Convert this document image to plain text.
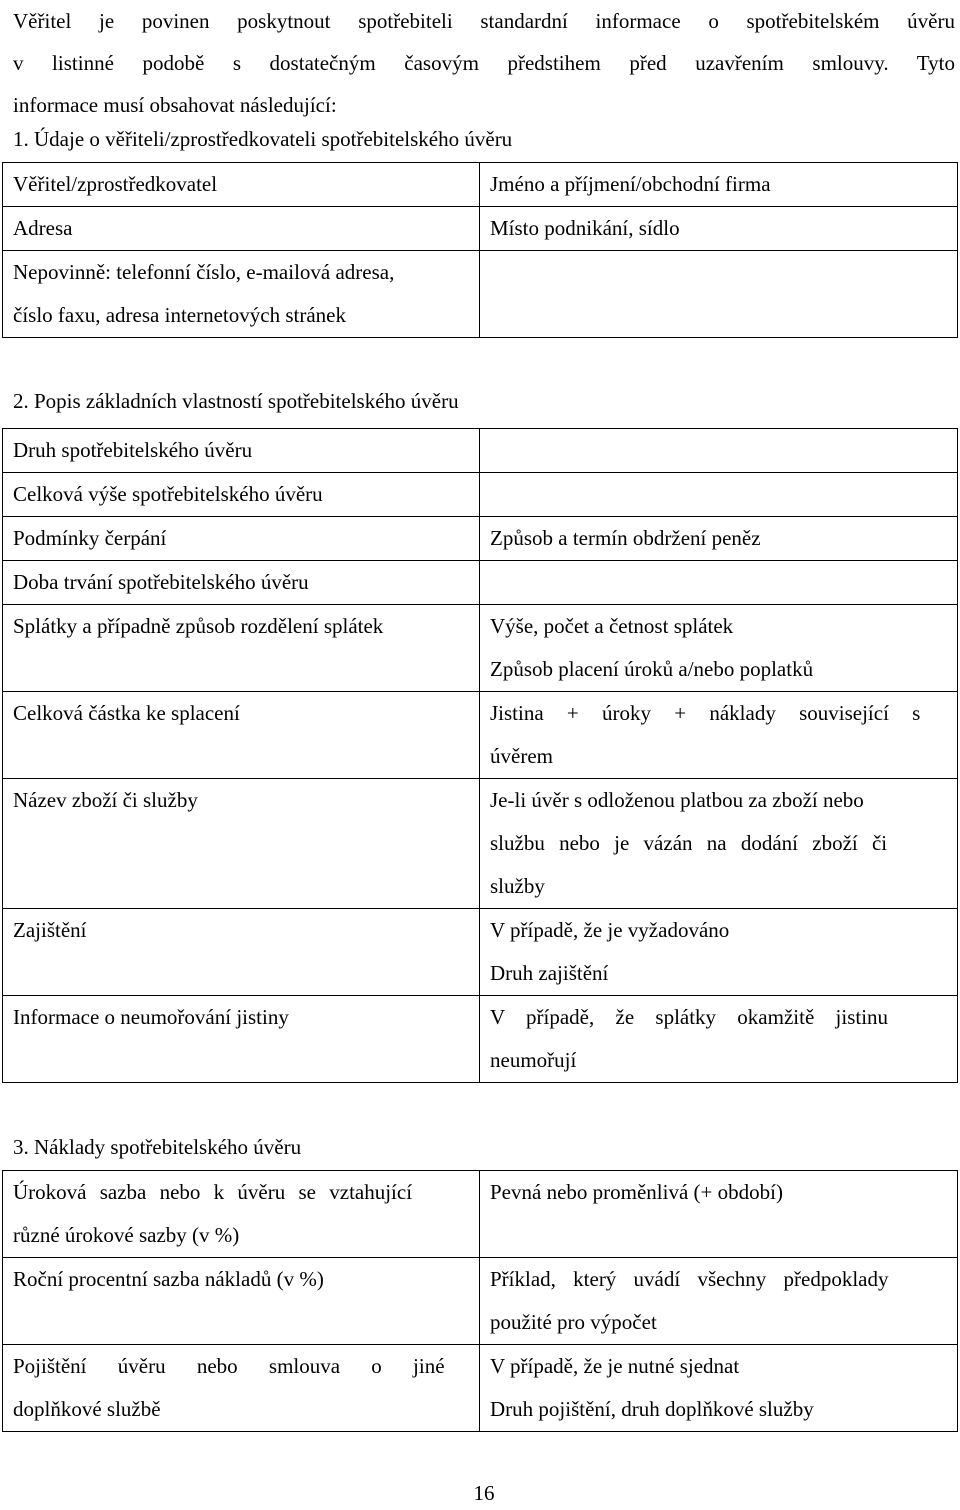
Věřitel je povinen poskytnout spotřebiteli standardní informace o spotřebitelském úvěru
v listinné podobě s dostatečným časovým předstihem před uzavřením smlouvy. Tyto
informace musí obsahovat následující:
1. Údaje o věřiteli/zprostředkovateli spotřebitelského úvěru
Věřitel/zprostředkovatel	Jméno a příjmení/obchodní firma
Adresa	Místo podnikání, sídlo

Nepovinně: telefonní číslo, e-mailová adresa,
číslo faxu, adresa internetových stránek	

2. Popis základních vlastností spotřebitelského úvěru
Druh spotřebitelského úvěru	
Celková výše spotřebitelského úvěru	
Podmínky čerpání	Způsob a termín obdržení peněz
Doba trvání spotřebitelského úvěru	
Splátky a případně způsob rozdělení splátek	Výše, počet a četnost splátek
Způsob placení úroků a/nebo poplatků

Celková částka ke splacení	Jistina + úroky + náklady související s
úvěrem

Název zboží či služby	Je-li úvěr s odloženou platbou za zboží nebo
službu nebo je vázán na dodání zboží či
služby

Zajištění	V případě, že je vyžadováno
Druh zajištění

Informace o neumořování jistiny	V případě, že splátky okamžitě jistinu
neumořují
3. Náklady spotřebitelského úvěru
Úroková sazba nebo k úvěru se vztahující
různé úrokové sazby (v %)	Pevná nebo proměnlivá (+ období)
Roční procentní sazba nákladů (v %)	Příklad, který uvádí všechny předpoklady
použité pro výpočet

Pojištění úvěru nebo smlouva o jiné
doplňkové službě	V případě, že je nutné sjednat
Druh pojištění, druh doplňkové služby
16
